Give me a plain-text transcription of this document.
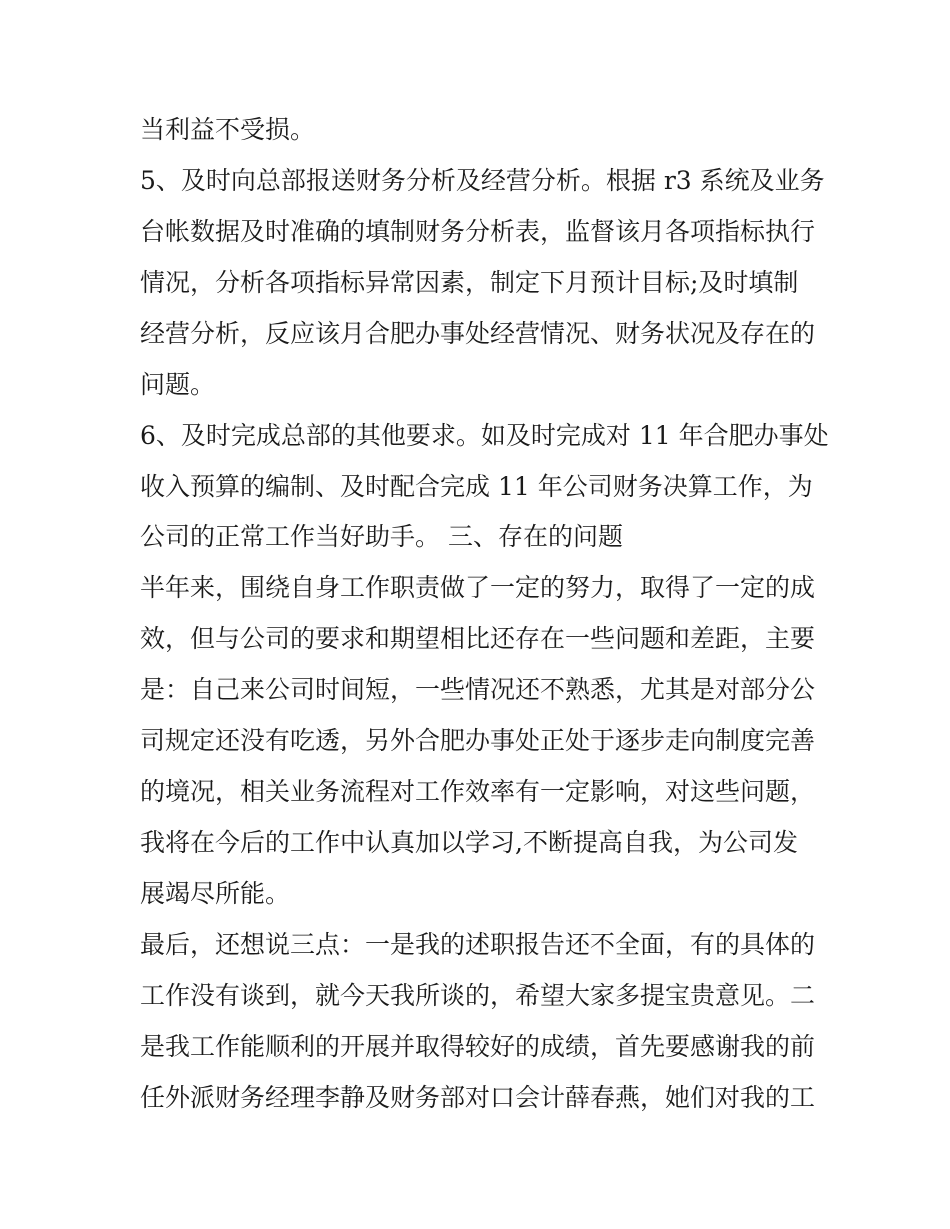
当利益不受损。

5、及时向总部报送财务分析及经营分析。根据 r3 系统及业务

台帐数据及时准确的填制财务分析表，监督该月各项指标执行

情况，分析各项指标异常因素，制定下月预计目标;及时填制

经营分析，反应该月合肥办事处经营情况、财务状况及存在的

问题。

6、及时完成总部的其他要求。如及时完成对 11 年合肥办事处

收入预算的编制、及时配合完成 11 年公司财务决算工作，为

公司的正常工作当好助手。 三、存在的问题

半年来，围绕自身工作职责做了一定的努力，取得了一定的成

效，但与公司的要求和期望相比还存在一些问题和差距，主要

是：自己来公司时间短，一些情况还不熟悉，尤其是对部分公

司规定还没有吃透，另外合肥办事处正处于逐步走向制度完善

的境况，相关业务流程对工作效率有一定影响，对这些问题，

我将在今后的工作中认真加以学习,不断提高自我，为公司发

展竭尽所能。

最后，还想说三点：一是我的述职报告还不全面，有的具体的

工作没有谈到，就今天我所谈的，希望大家多提宝贵意见。二

是我工作能顺利的开展并取得较好的成绩，首先要感谢我的前

任外派财务经理李静及财务部对口会计薛春燕，她们对我的工
